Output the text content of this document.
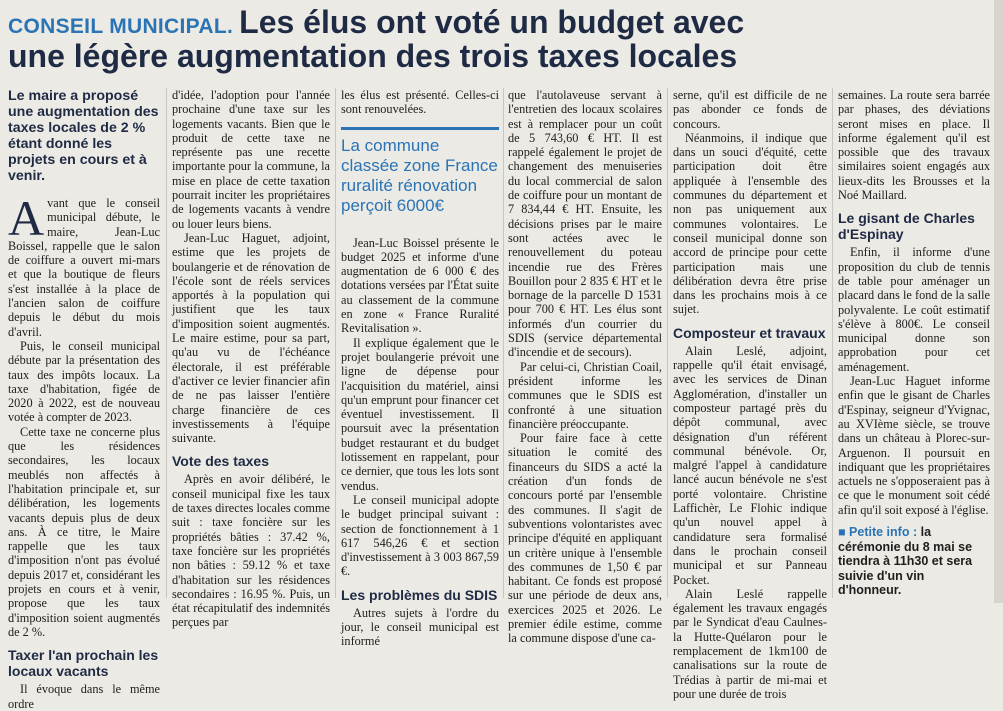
CONSEIL MUNICIPAL. Les élus ont voté un budget avec
une légère augmentation des trois taxes locales
Le maire a proposé une augmentation des taxes locales de 2 % étant donné les projets en cours et à venir.

Avant que le conseil municipal débute, le maire, Jean-Luc Boissel, rappelle que le salon de coiffure a ouvert mi-mars et que la boutique de fleurs s'est installée à la place de l'ancien salon de coiffure depuis le début du mois d'avril.

Puis, le conseil municipal débute par la présentation des taux des impôts locaux. La taxe d'habitation, figée de 2020 à 2022, est de nouveau votée à compter de 2023.

Cette taxe ne concerne plus que les résidences secondaires, les locaux meublés non affectés à l'habitation principale et, sur délibération, les logements vacants depuis plus de deux ans. À ce titre, le Maire rappelle que les taux d'imposition n'ont pas évolué depuis 2017 et, considérant les projets en cours et à venir, propose que les taux d'imposition soient augmentés de 2 %.

Taxer l'an prochain les locaux vacants

Il évoque dans le même ordre

d'idée, l'adoption pour l'année prochaine d'une taxe sur les logements vacants. Bien que le produit de cette taxe ne représente pas une recette importante pour la commune, la mise en place de cette taxation pourrait inciter les propriétaires de logements vacants à vendre ou louer leurs biens.

Jean-Luc Haguet, adjoint, estime que les projets de boulangerie et de rénovation de l'école sont de réels services apportés à la population qui justifient que les taux d'imposition soient augmentés. Le maire estime, pour sa part, qu'au vu de l'échéance électorale, il est préférable d'activer ce levier financier afin de ne pas laisser l'entière charge financière de ces investissements à l'équipe suivante.

Vote des taxes

Après en avoir délibéré, le conseil municipal fixe les taux de taxes directes locales comme suit : taxe foncière sur les propriétés bâties : 37.42 %, taxe foncière sur les propriétés non bâties : 59.12 % et taxe d'habitation sur les résidences secondaires : 16.95 %. Puis, un état récapitulatif des indemnités perçues par

les élus est présenté. Celles-ci sont renouvelées.

La commune classée zone France ruralité rénovation perçoit 6000€

Jean-Luc Boissel présente le budget 2025 et informe d'une augmentation de 6 000 € des dotations versées par l'État suite au classement de la commune en zone « France Ruralité Revitalisation ».

Il explique également que le projet boulangerie prévoit une ligne de dépense pour l'acquisition du matériel, ainsi qu'un emprunt pour financer cet éventuel investissement. Il poursuit avec la présentation budget restaurant et du budget lotissement en rappelant, pour ce dernier, que tous les lots sont vendus.

Le conseil municipal adopte le budget principal suivant : section de fonctionnement à 1 617 546,26 € et section d'investissement à 3 003 867,59 €.

Les problèmes du SDIS

Autres sujets à l'ordre du jour, le conseil municipal est informé

que l'autolaveuse servant à l'entretien des locaux scolaires est à remplacer pour un coût de 5 743,60 € HT. Il est rappelé également le projet de changement des menuiseries du local commercial de salon de coiffure pour un montant de 7 834,44 € HT. Ensuite, les décisions prises par le maire sont actées avec le renouvellement du poteau incendie rue des Frères Bouillon pour 2 835 € HT et le bornage de la parcelle D 1531 pour 700 € HT. Les élus sont informés d'un courrier du SDIS (service départemental d'incendie et de secours).

Par celui-ci, Christian Coail, président informe les communes que le SDIS est confronté à une situation financière préoccupante.

Pour faire face à cette situation le comité des financeurs du SIDS a acté la création d'un fonds de concours porté par l'ensemble des communes. Il s'agit de subventions volontaristes avec principe d'équité en appliquant un critère unique à l'ensemble des communes de 1,50 € par habitant. Ce fonds est proposé sur une période de deux ans, exercices 2025 et 2026. Le premier édile estime, comme la commune dispose d'une ca-

serne, qu'il est difficile de ne pas abonder ce fonds de concours.

Néanmoins, il indique que dans un souci d'équité, cette participation doit être appliquée à l'ensemble des communes du département et non pas uniquement aux communes volontaires. Le conseil municipal donne son accord de principe pour cette participation mais une délibération devra être prise dans les prochains mois à ce sujet.

Composteur et travaux

Alain Leslé, adjoint, rappelle qu'il était envisagé, avec les services de Dinan Agglomération, d'installer un composteur partagé près du dépôt communal, avec désignation d'un référent communal bénévole. Or, malgré l'appel à candidature lancé aucun bénévole ne s'est porté volontaire. Christine Laffichèr, Le Flohic indique qu'un nouvel appel à candidature sera formalisé dans le prochain conseil municipal et sur Panneau Pocket.

Alain Leslé rappelle également les travaux engagés par le Syndicat d'eau Caulnes-la Hutte-Quélaron pour le remplacement de 1km100 de canalisations sur la route de Trédias à partir de mi-mai et pour une durée de trois

semaines. La route sera barrée par phases, des déviations seront mises en place. Il informe également qu'il est possible que des travaux similaires soient engagés aux lieux-dits les Brousses et la Noé Maillard.

Le gisant de Charles d'Espinay

Enfin, il informe d'une proposition du club de tennis de table pour aménager un placard dans le fond de la salle polyvalente. Le coût estimatif s'élève à 800€. Le conseil municipal donne son approbation pour cet aménagement.

Jean-Luc Haguet informe enfin que le gisant de Charles d'Espinay, seigneur d'Yvignac, au XVIème siècle, se trouve dans un château à Plorec-sur-Arguenon. Il poursuit en indiquant que les propriétaires actuels ne s'opposeraient pas à ce que le monument soit cédé afin qu'il soit exposé à l'église.

■ Petite info : la cérémonie du 8 mai se tiendra à 11h30 et sera suivie d'un vin d'honneur.
